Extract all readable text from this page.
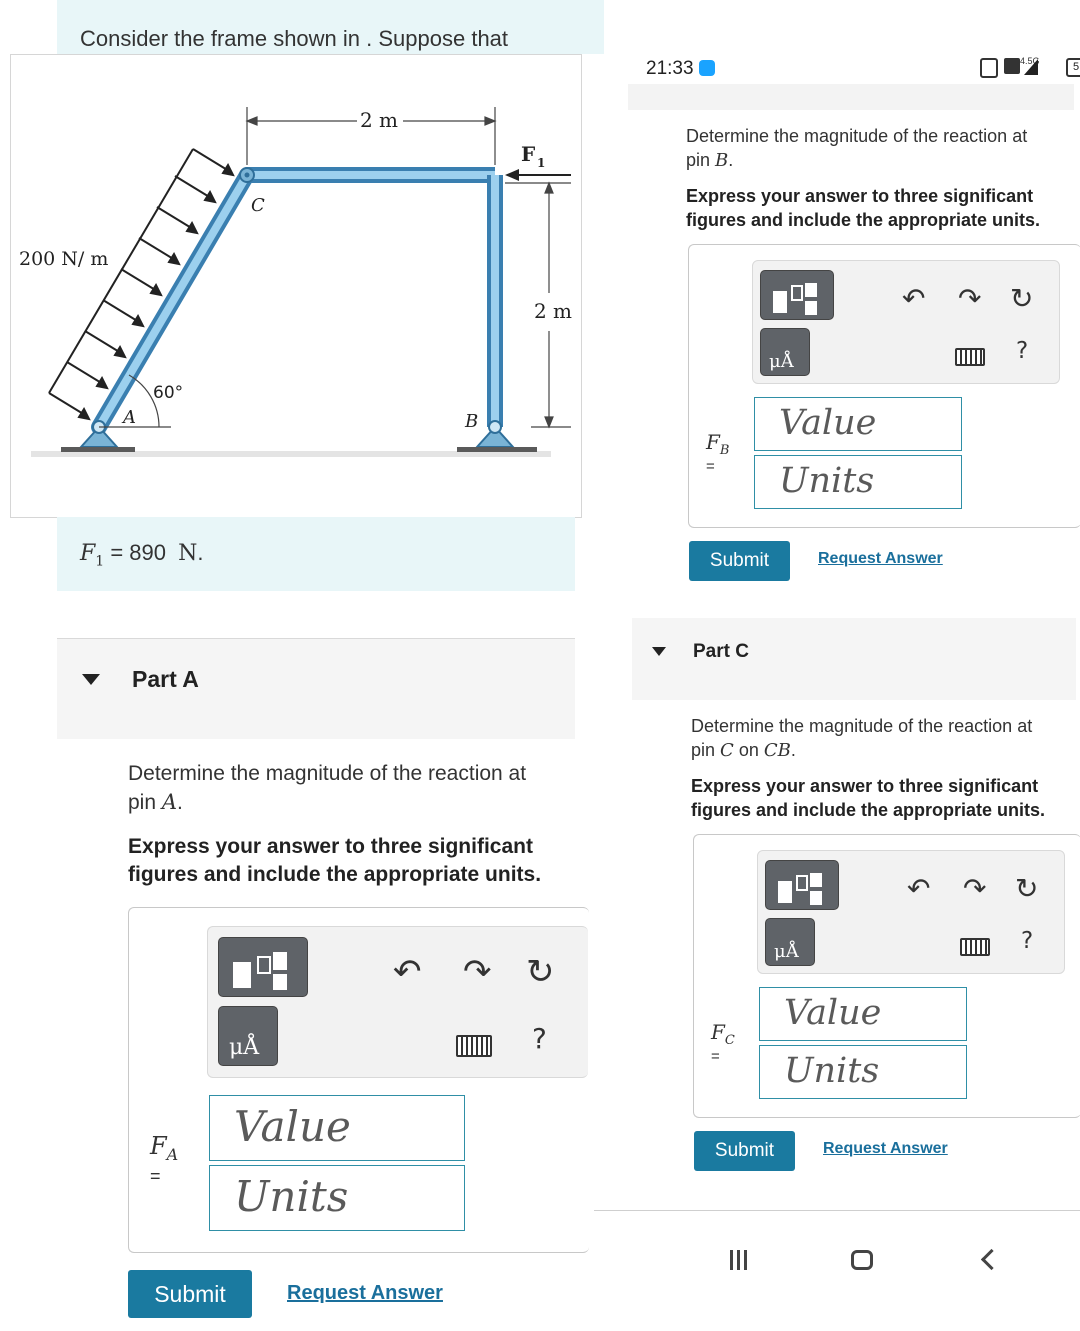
Consider the frame shown in . Suppose that
2 m
2 m
200 N/ m
60°
A	B
C
F 1
$F_1 = 890$ N.
Part A
Determine the magnitude of the reaction at
pin A.
Express your answer to three significant figures and include the appropriate units.
μÅ
↶ ↷ ↻
?
$F_A$
=
Value
Units
Submit	Request Answer
21:33	4.5G	5
Determine the magnitude of the reaction at
pin B.
Express your answer to three significant figures and include the appropriate units.
μÅ
↶ ↷ ↻
?
$F_B$
=
Value
Units
Submit	Request Answer
Part C
Determine the magnitude of the reaction at
pin C on CB.
Express your answer to three significant figures and include the appropriate units.
μÅ
↶ ↷ ↻
?
$F_C$
=
Value
Units
Submit	Request Answer
